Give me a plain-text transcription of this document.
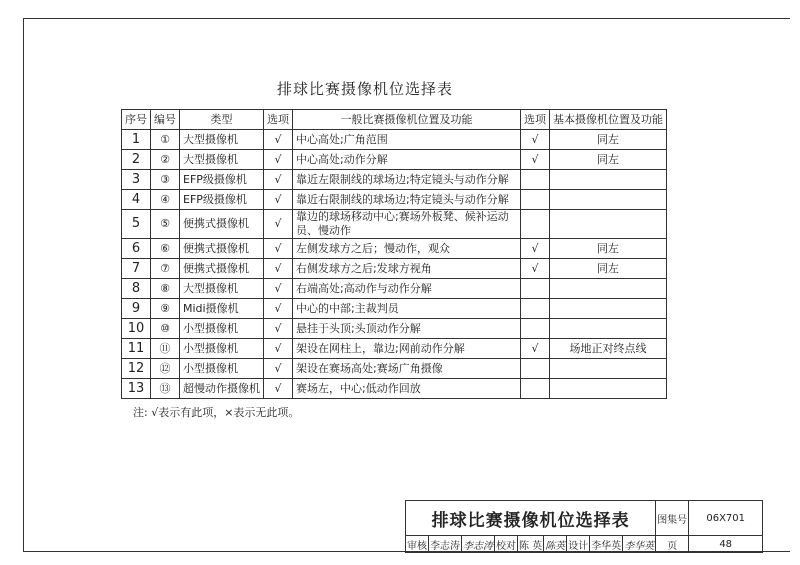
排球比赛摄像机位选择表
序号	编号	类型	选项	一般比赛摄像机位置及功能	选项	基本摄像机位置及功能
1	①	大型摄像机	√	中心高处;广角范围	√	同左
2	②	大型摄像机	√	中心高处;动作分解	√	同左
3	③	EFP级摄像机	√	靠近左限制线的球场边;特定镜头与动作分解		
4	④	EFP级摄像机	√	靠近右限制线的球场边;特定镜头与动作分解		
5	⑤	便携式摄像机	√	靠边的球场移动中心;赛场外板凳、候补运动员、慢动作		
6	⑥	便携式摄像机	√	左侧发球方之后；慢动作，观众	√	同左
7	⑦	便携式摄像机	√	右侧发球方之后;发球方视角	√	同左
8	⑧	大型摄像机	√	右端高处;高动作与动作分解		
9	⑨	Midi摄像机	√	中心的中部;主裁判员		
10	⑩	小型摄像机	√	悬挂于头顶;头顶动作分解		
11	⑪	小型摄像机	√	架设在网柱上，靠边;网前动作分解	√	场地正对终点线
12	⑫	小型摄像机	√	架设在赛场高处;赛场广角摄像		
13	⑬	超慢动作摄像机	√	赛场左，中心;低动作回放		
注: √表示有此项，×表示无此项。
排球比赛摄像机位选择表									图集号	06X701
审核	李志涛	李志涛	校对	陈 英	陈英	设计	李华英	李华英	页	48
